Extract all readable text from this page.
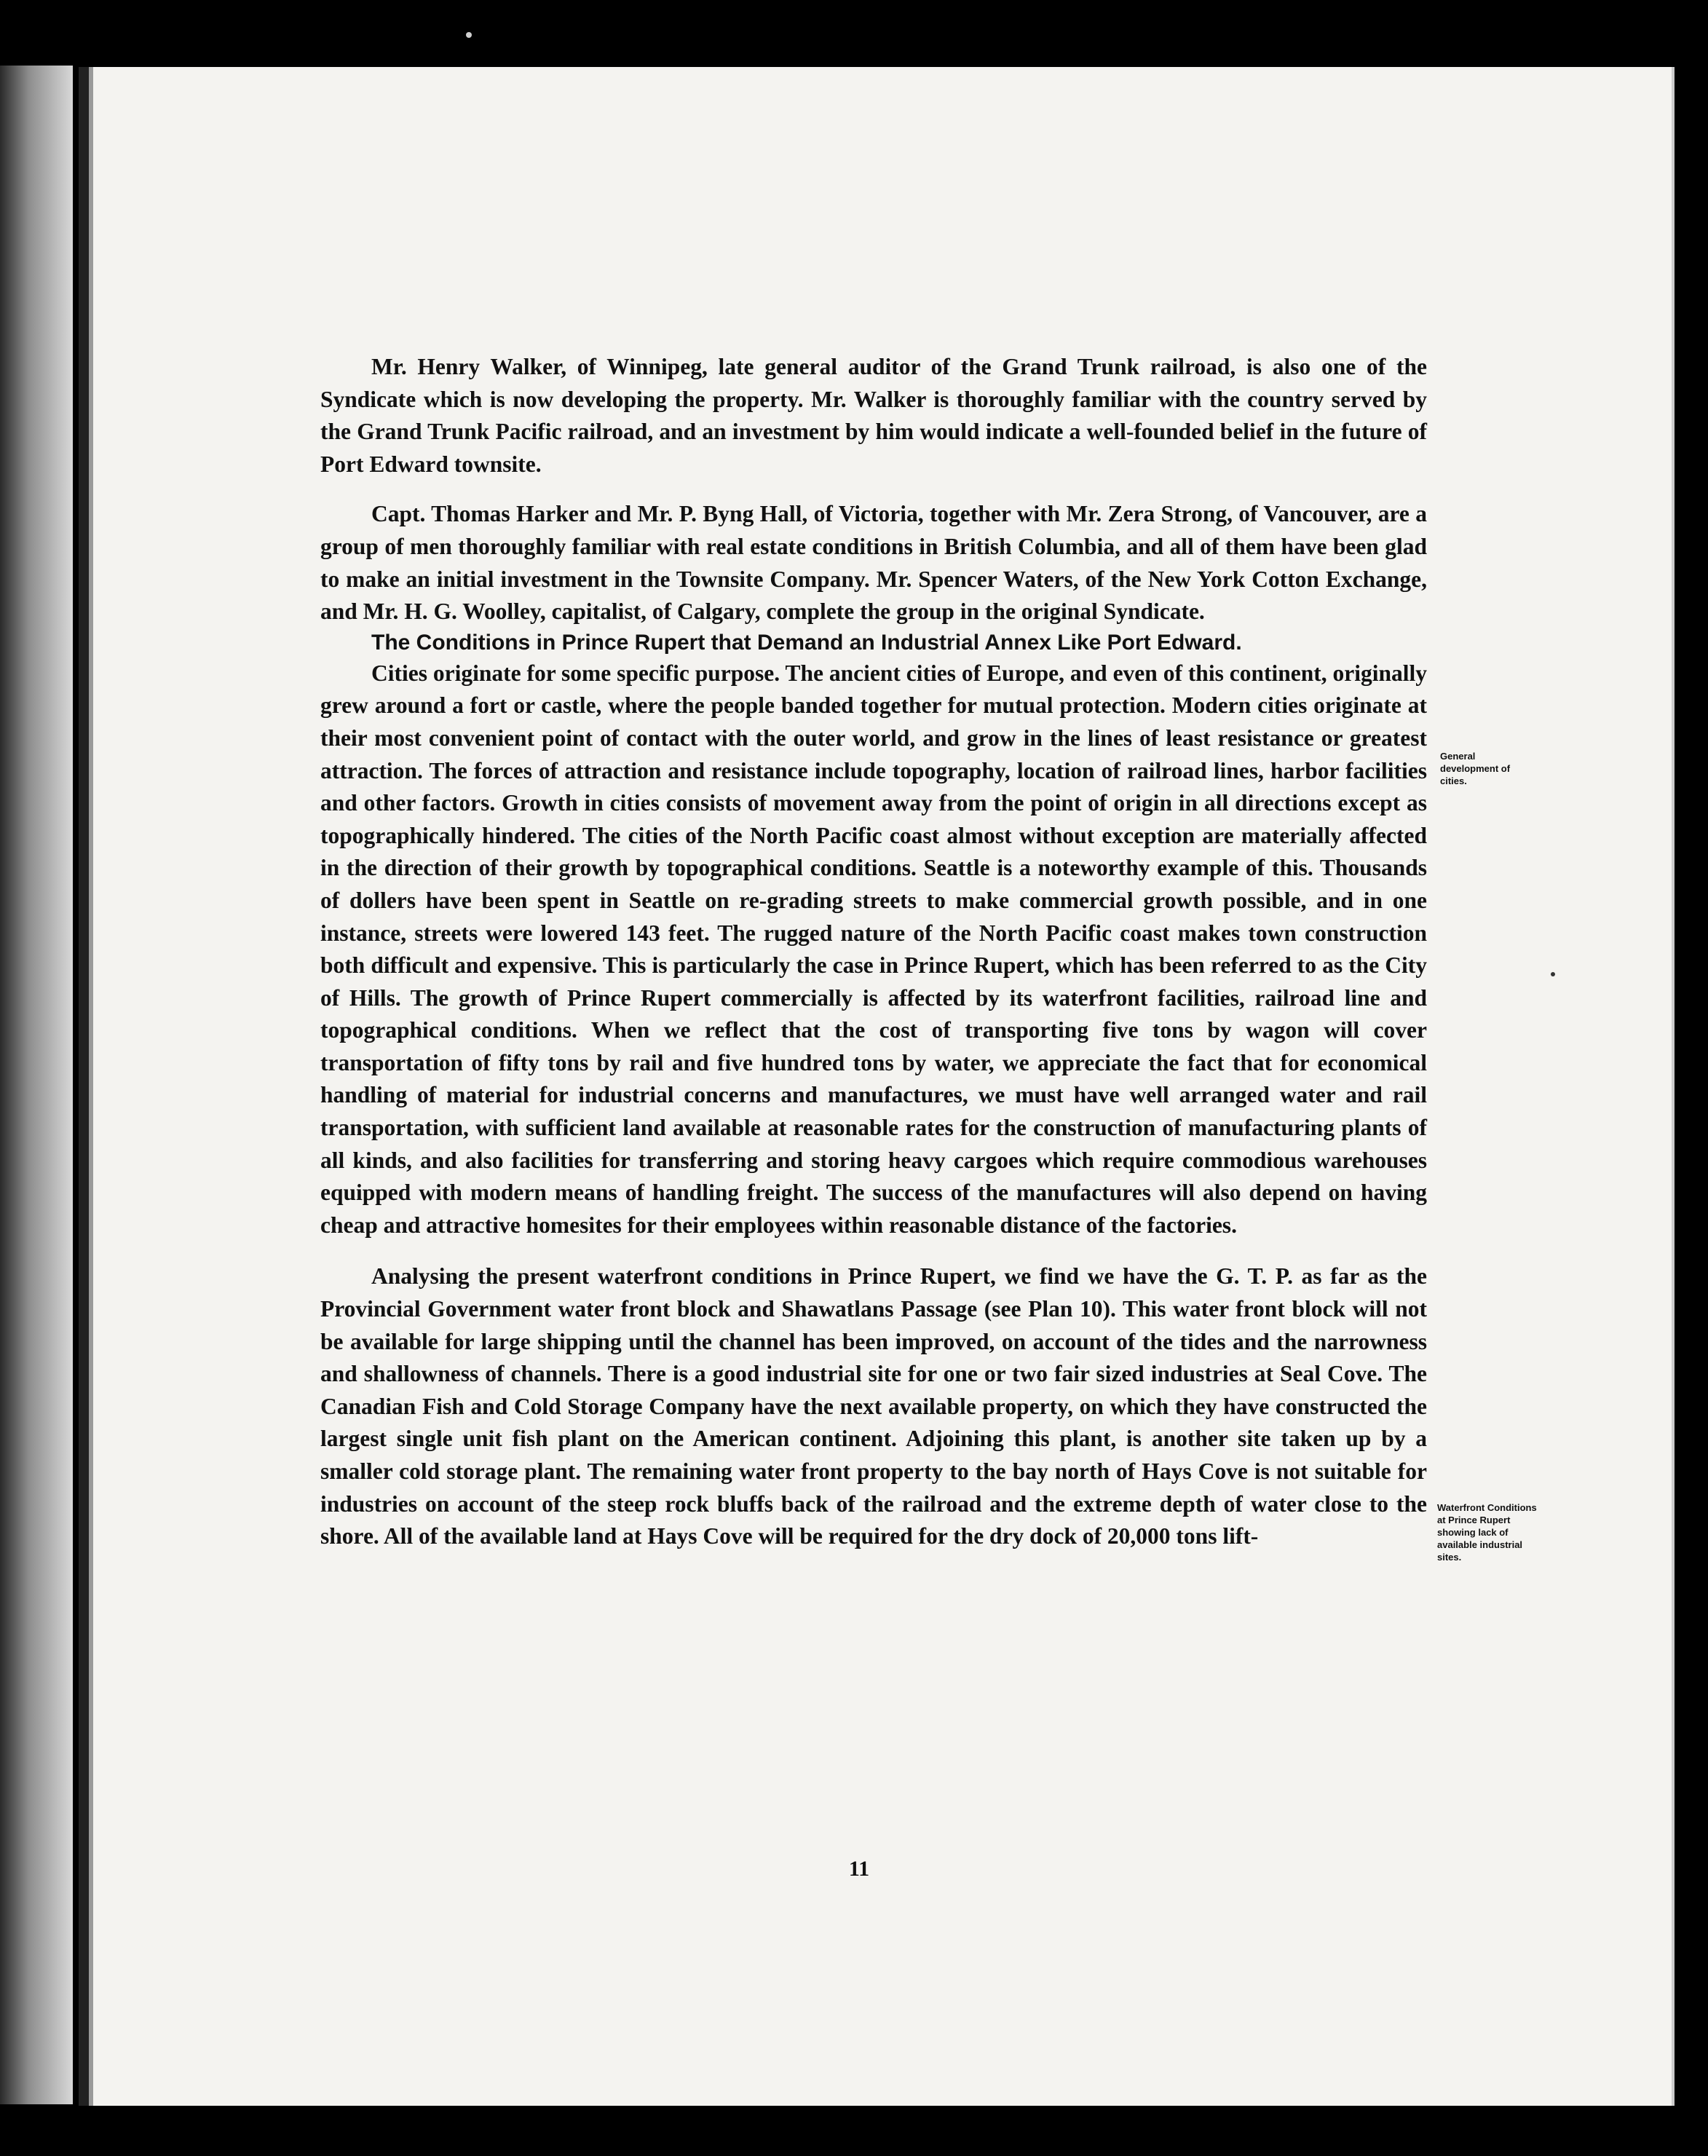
Mr. Henry Walker, of Winnipeg, late general auditor of the Grand Trunk railroad, is also one of the Syndicate which is now developing the property. Mr. Walker is thoroughly familiar with the country served by the Grand Trunk Pacific railroad, and an investment by him would indicate a well-founded belief in the future of Port Edward townsite.

Capt. Thomas Harker and Mr. P. Byng Hall, of Victoria, together with Mr. Zera Strong, of Vancouver, are a group of men thoroughly familiar with real estate conditions in British Columbia, and all of them have been glad to make an initial investment in the Townsite Company. Mr. Spencer Waters, of the New York Cotton Exchange, and Mr. H. G. Woolley, capitalist, of Calgary, complete the group in the original Syndicate.

The Conditions in Prince Rupert that Demand an Industrial Annex Like Port Edward.

Cities originate for some specific purpose. The ancient cities of Europe, and even of this continent, originally grew around a fort or castle, where the people banded together for mutual protection. Modern cities originate at their most convenient point of contact with the outer world, and grow in the lines of least resistance or greatest attraction. The forces of attraction and resistance include topography, location of railroad lines, harbor facilities and other factors. Growth in cities consists of movement away from the point of origin in all directions except as topographically hindered. The cities of the North Pacific coast almost without exception are materially affected in the direction of their growth by topographical conditions. Seattle is a noteworthy example of this. Thousands of dollers have been spent in Seattle on re-grading streets to make commercial growth possible, and in one instance, streets were lowered 143 feet. The rugged nature of the North Pacific coast makes town construction both difficult and expensive. This is particularly the case in Prince Rupert, which has been referred to as the City of Hills. The growth of Prince Rupert commercially is affected by its waterfront facilities, railroad line and topographical conditions. When we reflect that the cost of transporting five tons by wagon will cover transportation of fifty tons by rail and five hundred tons by water, we appreciate the fact that for economical handling of material for industrial concerns and manufactures, we must have well arranged water and rail transportation, with sufficient land available at reasonable rates for the construction of manufacturing plants of all kinds, and also facilities for transferring and storing heavy cargoes which require commodious warehouses equipped with modern means of handling freight. The success of the manufactures will also depend on having cheap and attractive homesites for their employees within reasonable distance of the factories.

Analysing the present waterfront conditions in Prince Rupert, we find we have the G. T. P. as far as the Provincial Government water front block and Shawatlans Passage (see Plan 10). This water front block will not be available for large shipping until the channel has been improved, on account of the tides and the narrowness and shallowness of channels. There is a good industrial site for one or two fair sized industries at Seal Cove. The Canadian Fish and Cold Storage Company have the next available property, on which they have constructed the largest single unit fish plant on the American continent. Adjoining this plant, is another site taken up by a smaller cold storage plant. The remaining water front property to the bay north of Hays Cove is not suitable for industries on account of the steep rock bluffs back of the railroad and the extreme depth of water close to the shore. All of the available land at Hays Cove will be required for the dry dock of 20,000 tons lift-

General development of cities.
Waterfront Conditions at Prince Rupert showing lack of available industrial sites.
11
